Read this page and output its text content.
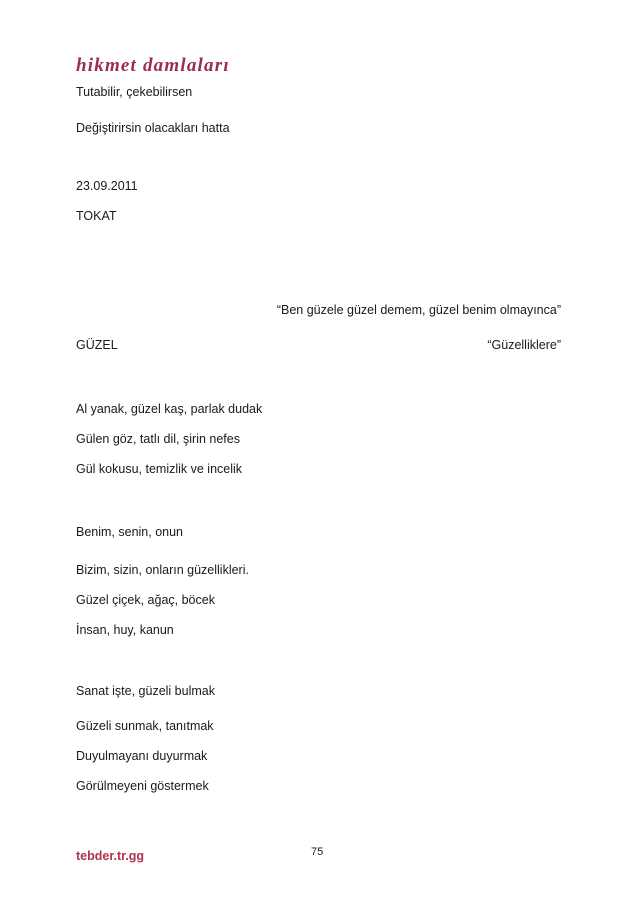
hikmet damlaları
Tutabilir, çekebilirsen
Değiştirirsin olacakları hatta
23.09.2011
TOKAT
“Ben güzele güzel demem, güzel benim olmayınca”
GÜZEL	“Güzelliklere”
Al yanak, güzel kaş, parlak dudak
Gülen göz, tatlı dil, şirin nefes
Gül kokusu, temizlik ve incelik
Benim, senin, onun
Bizim, sizin, onların güzellikleri.
Güzel çiçek, ağaç, böcek
İnsan, huy, kanun
Sanat işte, güzeli bulmak
Güzeli sunmak, tanıtmak
Duyulmayanı duyurmak
Görülmeyeni göstermek
tebder.tr.gg	75
